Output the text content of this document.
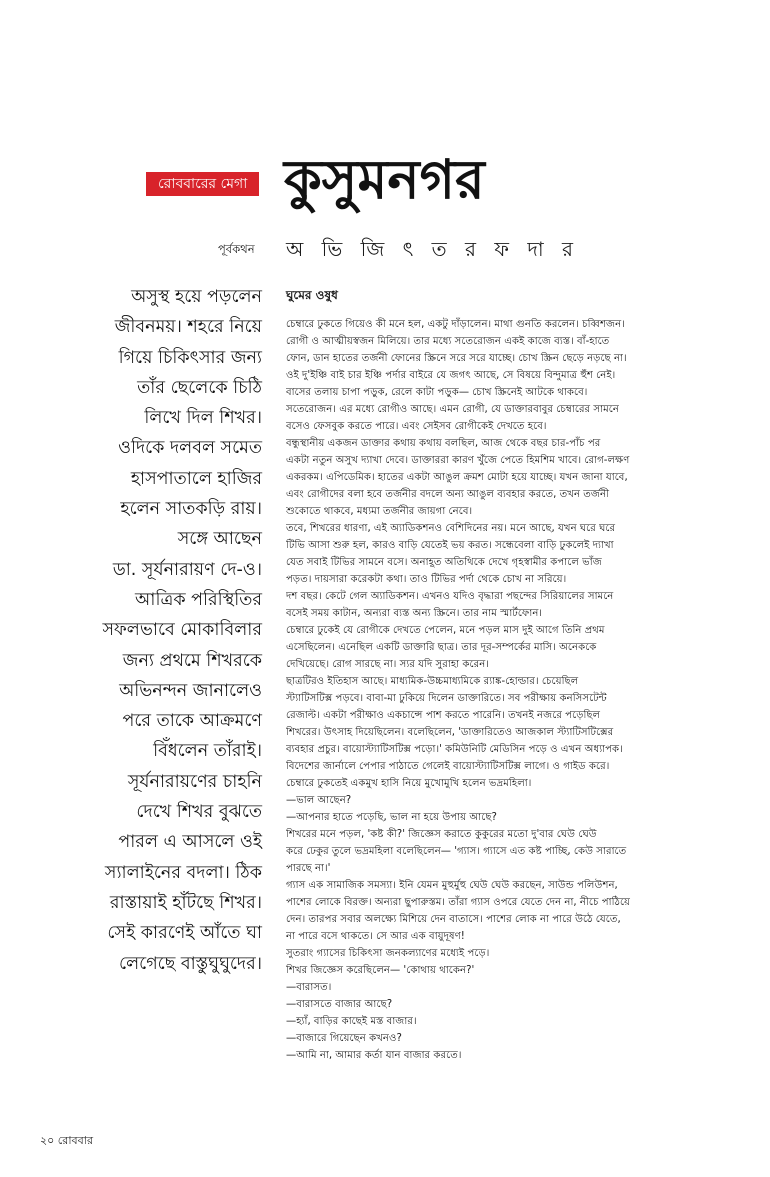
রোববারের মেগা কুসুমনগর
পূর্বকথন অ ভি জি ৎ ত র ফ দা র
অসুস্থ হয়ে পড়লেন
জীবনময়। শহরে নিয়ে
গিয়ে চিকিৎসার জন্য
তাঁর ছেলেকে চিঠি
লিখে দিল শিখর।
ওদিকে দলবল সমেত
হাসপাতালে হাজির
হলেন সাতকড়ি রায়।
সঙ্গে আছেন
ডা. সূর্যনারায়ণ দে-ও।
আত্রিক পরিস্থিতির
সফলভাবে মোকাবিলার
জন্য প্রথমে শিখরকে
অভিনন্দন জানালেও
পরে তাকে আক্রমণে
বিঁধলেন তাঁরাই।
সূর্যনারায়ণের চাহনি
দেখে শিখর বুঝতে
পারল এ আসলে ওই
স্যালাইনের বদলা। ঠিক
রাস্তায়াই হাঁটছে শিখর।
সেই কারণেই আঁতে ঘা
লেগেছে বাস্তুঘুঘুদের।
ঘুমের ওষুধ
চেম্বারে ঢুকতে গিয়েও কী মনে হল, একটু দাঁড়ালেন। মাথা গুনতি করলেন। চব্বিশজন।
রোগী ও আত্মীয়স্বজন মিলিয়ে। তার মধ্যে সতেরোজন একই কাজে ব্যস্ত। বাঁ-হাতে
ফোন, ডান হাতের তর্জনী ফোনের স্ক্রিনে সরে সরে যাচ্ছে। চোখ স্ক্রিন ছেড়ে নড়ছে না।
ওই দু'ইঞ্চি বাই চার ইঞ্চি পর্দার বাইরে যে জগৎ আছে, সে বিষয়ে বিন্দুমাত্র হুঁশ নেই।
বাসের তলায় চাপা পড়ুক, রেলে কাটা পড়ুক— চোখ স্ক্রিনেই আটকে থাকবে।
সতেরোজন। এর মধ্যে রোগীও আছে। এমন রোগী, যে ডাক্তারবাবুর চেম্বারের সামনে
বসেও ফেসবুক করতে পারে। এবং সেইসব রোগীকেই দেখতে হবে।
বন্ধুস্থানীয় একজন ডাক্তার কথায় কথায় বলছিল, আজ থেকে বছর চার-পাঁচ পর
একটা নতুন অসুখ দ্যাখা দেবে। ডাক্তাররা কারণ খুঁজে পেতে হিমশিম খাবে। রোগ-লক্ষণ
একরকম। এপিডেমিক। হাতের একটা আঙুল ক্রমশ মোটা হয়ে যাচ্ছে। যখন জানা যাবে,
এবং রোগীদের বলা হবে তর্জনীর বদলে অন্য আঙুল ব্যবহার করতে, তখন তর্জনী
শুকোতে থাকবে, মধ্যমা তর্জনীর জায়গা নেবে।
তবে, শিখরের ধারণা, এই অ্যাডিকশনও বেশিদিনের নয়। মনে আছে, যখন ঘরে ঘরে
টিভি আসা শুরু হল, কারও বাড়ি যেতেই ভয় করত। সন্ধেবেলা বাড়ি ঢুকলেই দ্যাখা
যেত সবাই টিভির সামনে বসে। অনাহূত অতিথিকে দেখে গৃহস্বামীর কপালে ভাঁজ
পড়ত। দায়সারা করেকটা কথা। তাও টিভির পর্দা থেকে চোখ না সরিয়ে।
দশ বছর। কেটে গেল অ্যাডিকশন। এখনও যদিও বৃদ্ধারা পছন্দের সিরিয়ালের সামনে
বসেই সময় কাটান, অন্যরা ব্যস্ত অন্য স্ক্রিনে। তার নাম স্মার্টফোন।
চেম্বারে ঢুকেই যে রোগীকে দেখতে পেলেন, মনে পড়ল মাস দুই আগে তিনি প্রথম
এসেছিলেন। এনেছিল একটি ডাক্তারি ছাত্র। তার দূর-সম্পর্কের মাসি। অনেককে
দেখিয়েছে। রোগ সারছে না। স্যর যদি সুরাহা করেন।
ছাত্রটিরও ইতিহাস আছে। মাধ্যমিক-উচ্চমাধ্যমিকে র‍্যাঙ্ক-হোল্ডার। চেয়েছিল
স্ট্যাটিসটিক্স পড়বে। বাবা-মা ঢুকিয়ে দিলেন ডাক্তারিতে। সব পরীক্ষায় কনসিসটেন্ট
রেজাল্ট। একটা পরীক্ষাও একচান্সে পাশ করতে পারেনি। তখনই নজরে পড়েছিল
শিখরের। উৎসাহ দিয়েছিলেন। বলেছিলেন, 'ডাক্তারিতেও আজকাল স্ট্যাটিসটিক্সের
ব্যবহার প্রচুর। বায়োস্ট্যাটিসটিক্স পড়ো।' কমিউনিটি মেডিসিন পড়ে ও এখন অধ্যাপক।
বিদেশের জার্নালে পেপার পাঠাতে গেলেই বায়োস্ট্যাটিসটিক্স লাগে। ও গাইড করে।
চেম্বারে ঢুকতেই একমুখ হাসি নিয়ে মুখোমুখি হলেন ভদ্রমহিলা।
—ভাল আছেন?
—আপনার হাতে পড়েছি, ভাল না হয়ে উপায় আছে?
শিখরের মনে পড়ল, 'কষ্ট কী?' জিজ্ঞেস করাতে কুকুরের মতো দু'বার ঘেউ ঘেউ
করে ঢেকুর তুলে ভদ্রমহিলা বলেছিলেন— 'গ্যাস। গ্যাসে এত কষ্ট পাচ্ছি, কেউ সারাতে
পারছে না।'
গ্যাস এক সামাজিক সমস্যা। ইনি যেমন মুহুর্মুহু ঘেউ ঘেউ করছেন, সাউন্ড পলিউশন,
পাশের লোকে বিরক্ত। অন্যরা ছুপারুস্তম। তাঁরা গ্যাস ওপরে যেতে দেন না, নীচে পাঠিয়ে
দেন। তারপর সবার অলক্ষ্যে মিশিয়ে দেন বাতাসে। পাশের লোক না পারে উঠে যেতে,
না পারে বসে থাকতে। সে আর এক বায়ুদূষণ!
সুতরাং গ্যাসের চিকিৎসা জনকল্যাণের মধ্যেই পড়ে।
শিখর জিজ্ঞেস করেছিলেন— 'কোথায় থাকেন?'
—বারাসত।
—বারাসতে বাজার আছে?
—হ্যাঁ, বাড়ির কাছেই মস্ত বাজার।
—বাজারে গিয়েছেন কখনও?
—আমি না, আমার কর্তা যান বাজার করতে।
২০ রোববার
